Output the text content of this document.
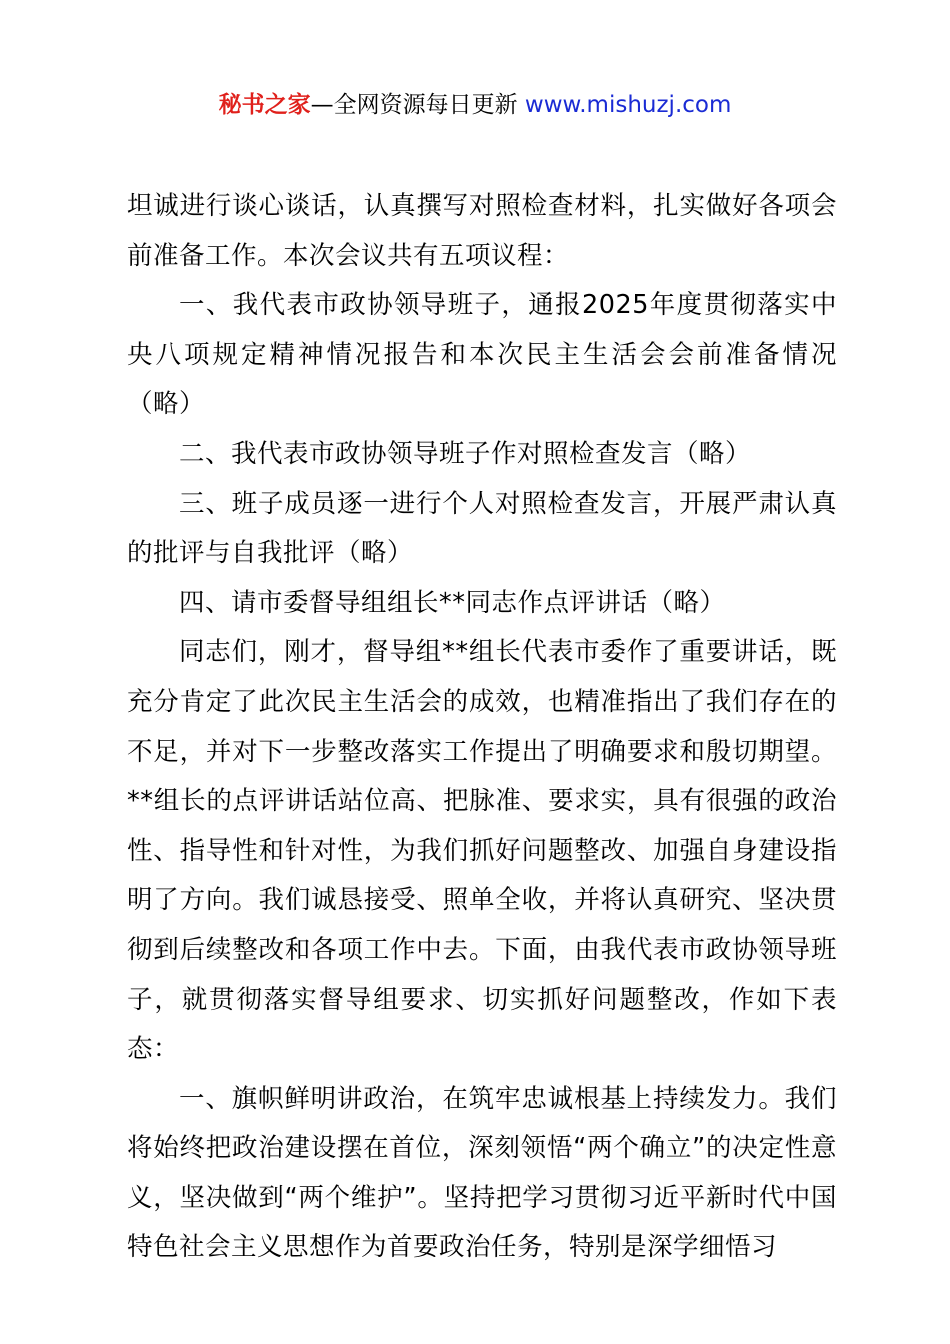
秘书之家—全网资源每日更新 www.mishuzj.com

坦诚进行谈心谈话，认真撰写对照检查材料，扎实做好各项会前准备工作。本次会议共有五项议程：

一、我代表市政协领导班子，通报2025年度贯彻落实中央八项规定精神情况报告和本次民主生活会会前准备情况（略）

二、我代表市政协领导班子作对照检查发言（略）

三、班子成员逐一进行个人对照检查发言，开展严肃认真的批评与自我批评（略）

四、请市委督导组组长**同志作点评讲话（略）

同志们，刚才，督导组**组长代表市委作了重要讲话，既充分肯定了此次民主生活会的成效，也精准指出了我们存在的不足，并对下一步整改落实工作提出了明确要求和殷切期望。**组长的点评讲话站位高、把脉准、要求实，具有很强的政治性、指导性和针对性，为我们抓好问题整改、加强自身建设指明了方向。我们诚恳接受、照单全收，并将认真研究、坚决贯彻到后续整改和各项工作中去。下面，由我代表市政协领导班子，就贯彻落实督导组要求、切实抓好问题整改，作如下表态：

一、旗帜鲜明讲政治，在筑牢忠诚根基上持续发力。我们将始终把政治建设摆在首位，深刻领悟“两个确立”的决定性意义，坚决做到“两个维护”。坚持把学习贯彻习近平新时代中国特色社会主义思想作为首要政治任务，特别是深学细悟习
